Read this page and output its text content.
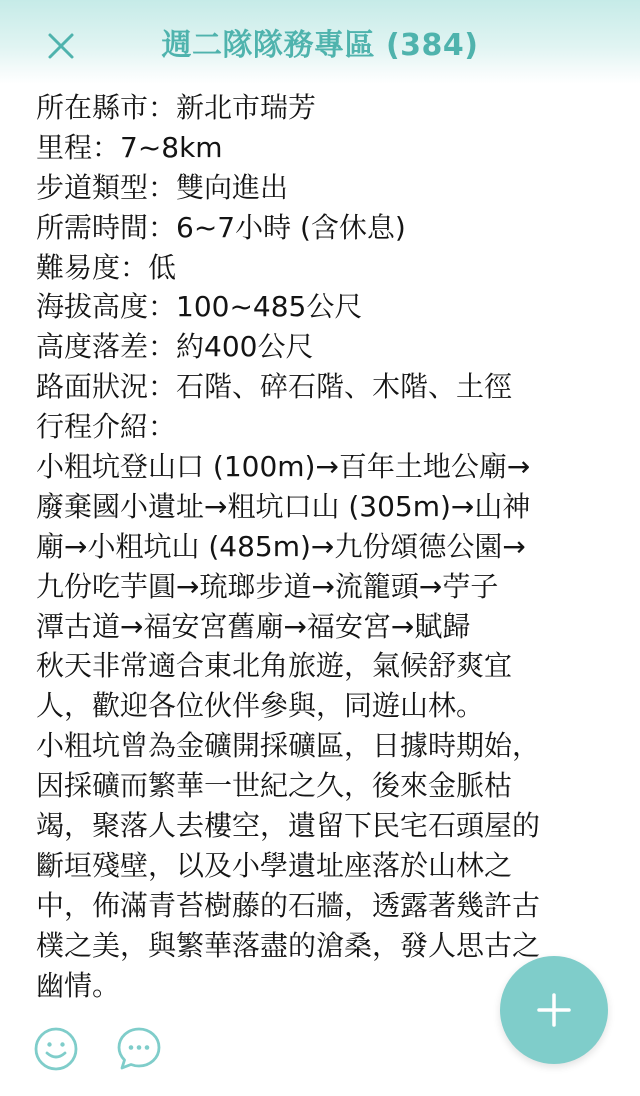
週二隊隊務專區 (384)
所在縣市：新北市瑞芳
里程：7~8km
步道類型：雙向進出
所需時間：6~7小時 (含休息)
難易度：低
海拔高度：100~485公尺
高度落差：約400公尺
路面狀況：石階、碎石階、木階、土徑
行程介紹：
小粗坑登山口 (100m)→百年土地公廟→
廢棄國小遺址→粗坑口山 (305m)→山神
廟→小粗坑山 (485m)→九份頌德公園→
九份吃芋圓→琉瑯步道→流籠頭→苧子
潭古道→福安宮舊廟→福安宮→賦歸
秋天非常適合東北角旅遊，氣候舒爽宜
人，歡迎各位伙伴參與，同遊山林。
小粗坑曾為金礦開採礦區，日據時期始，
因採礦而繁華一世紀之久，後來金脈枯
竭，聚落人去樓空，遺留下民宅石頭屋的
斷垣殘壁，以及小學遺址座落於山林之
中，佈滿青苔樹藤的石牆，透露著幾許古
樸之美，與繁華落盡的滄桑，發人思古之
幽情。
